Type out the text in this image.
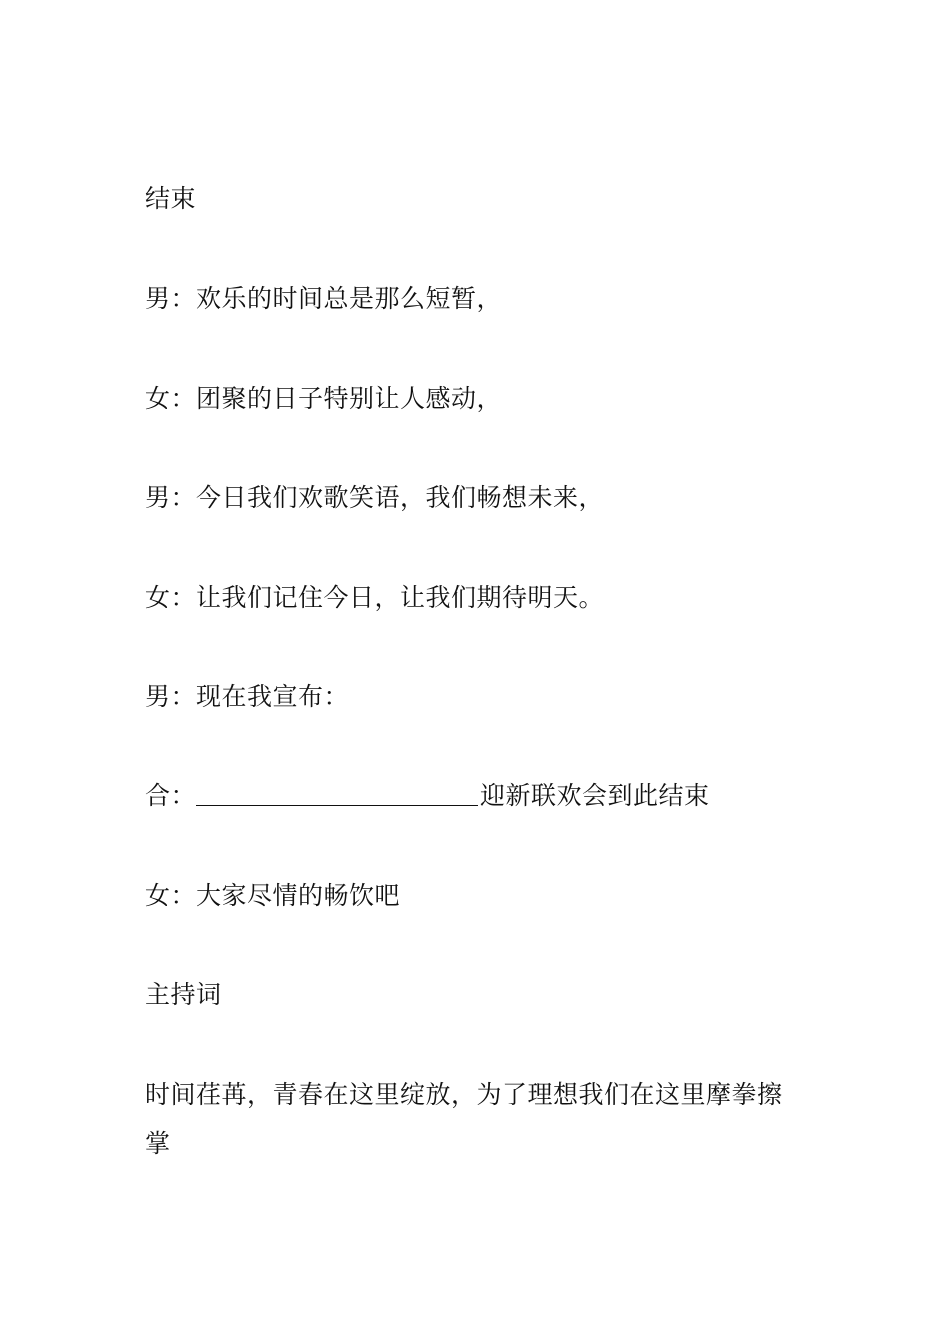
结束
男：欢乐的时间总是那么短暂，
女：团聚的日子特别让人感动，
男：今日我们欢歌笑语，我们畅想未来，
女：让我们记住今日，让我们期待明天。
男：现在我宣布：
合：	迎新联欢会到此结束
女：大家尽情的畅饮吧
主持词
时间荏苒，青春在这里绽放，为了理想我们在这里摩拳擦
掌
